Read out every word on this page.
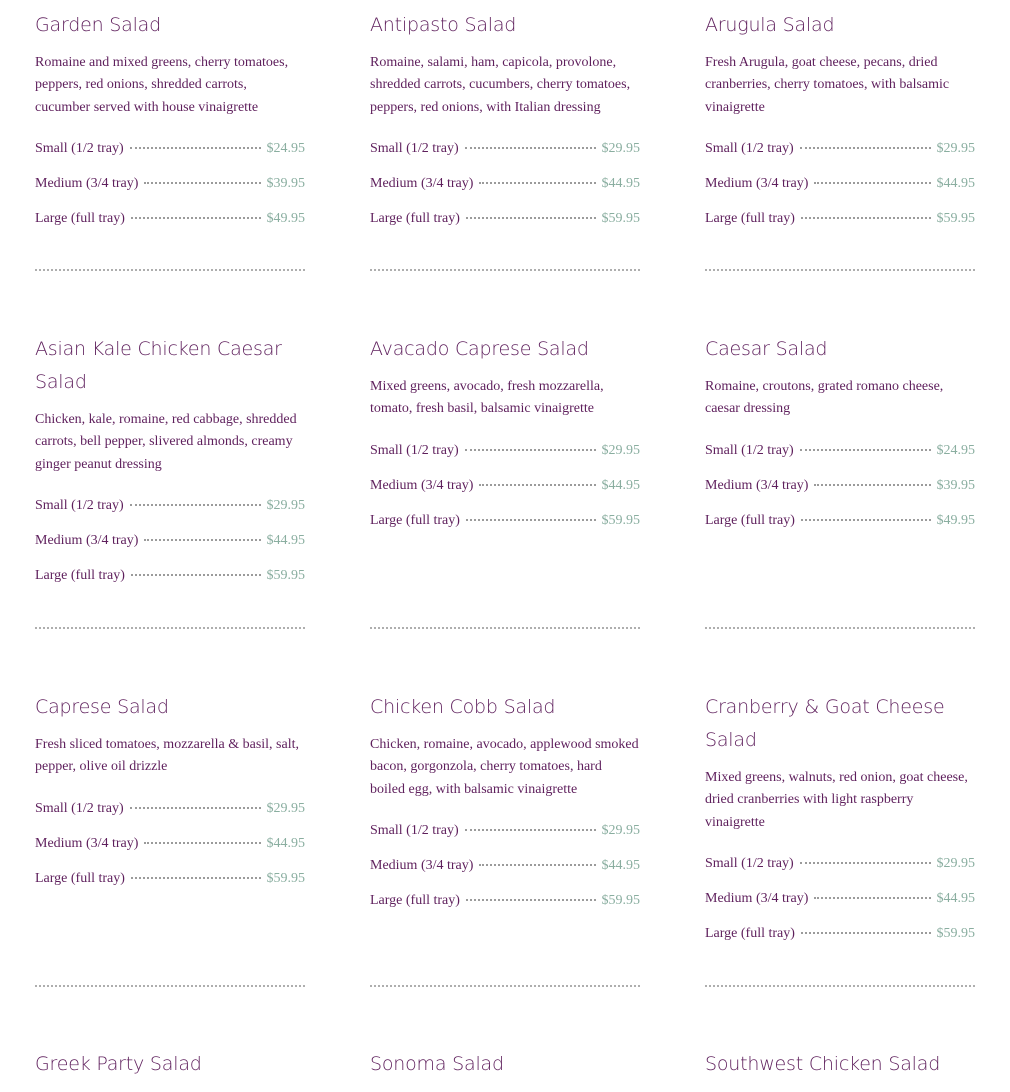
Garden Salad

Romaine and mixed greens, cherry tomatoes, peppers, red onions, shredded carrots, cucumber served with house vinaigrette

Small (1/2 tray)	$24.95
Medium (3/4 tray)	$39.95
Large (full tray)	$49.95
Antipasto Salad

Romaine, salami, ham, capicola, provolone, shredded carrots, cucumbers, cherry tomatoes, peppers, red onions, with Italian dressing

Small (1/2 tray)	$29.95
Medium (3/4 tray)	$44.95
Large (full tray)	$59.95
Arugula Salad

Fresh Arugula, goat cheese, pecans, dried cranberries, cherry tomatoes, with balsamic vinaigrette

Small (1/2 tray)	$29.95
Medium (3/4 tray)	$44.95
Large (full tray)	$59.95
Asian Kale Chicken Caesar Salad

Chicken, kale, romaine, red cabbage, shredded carrots, bell pepper, slivered almonds, creamy ginger peanut dressing

Small (1/2 tray)	$29.95
Medium (3/4 tray)	$44.95
Large (full tray)	$59.95
Avacado Caprese Salad

Mixed greens, avocado, fresh mozzarella, tomato, fresh basil, balsamic vinaigrette

Small (1/2 tray)	$29.95
Medium (3/4 tray)	$44.95
Large (full tray)	$59.95
Caesar Salad

Romaine, croutons, grated romano cheese, caesar dressing

Small (1/2 tray)	$24.95
Medium (3/4 tray)	$39.95
Large (full tray)	$49.95
Caprese Salad

Fresh sliced tomatoes, mozzarella & basil, salt, pepper, olive oil drizzle

Small (1/2 tray)	$29.95
Medium (3/4 tray)	$44.95
Large (full tray)	$59.95
Chicken Cobb Salad

Chicken, romaine, avocado, applewood smoked bacon, gorgonzola, cherry tomatoes, hard boiled egg, with balsamic vinaigrette

Small (1/2 tray)	$29.95
Medium (3/4 tray)	$44.95
Large (full tray)	$59.95
Cranberry & Goat Cheese Salad

Mixed greens, walnuts, red onion, goat cheese, dried cranberries with light raspberry vinaigrette

Small (1/2 tray)	$29.95
Medium (3/4 tray)	$44.95
Large (full tray)	$59.95
Greek Party Salad	Sonoma Salad	Southwest Chicken Salad
